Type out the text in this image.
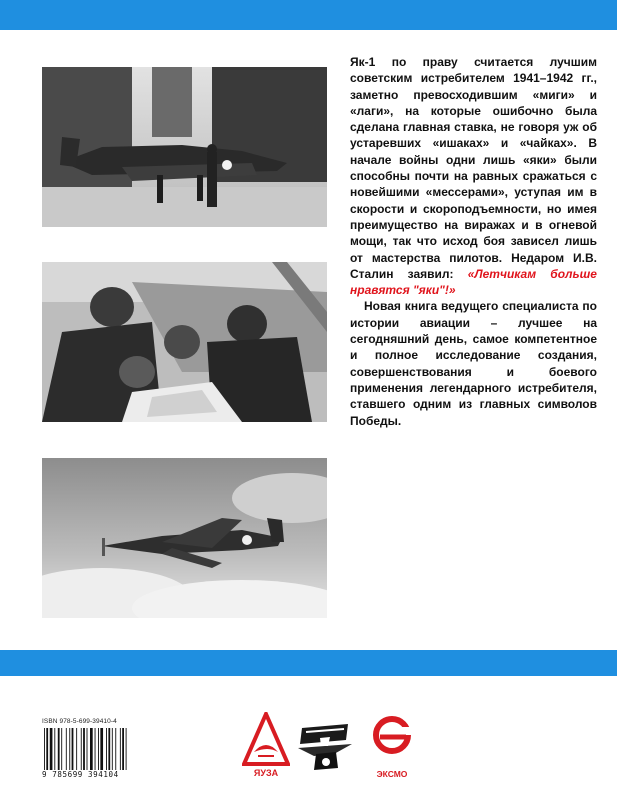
Як-1 по праву считается лучшим советским истребителем 1941–1942 гг., заметно превосходившим «миги» и «лаги», на которые ошибочно была сделана главная ставка, не говоря уж об устаревших «ишаках» и «чайках». В начале войны одни лишь «яки» были способны почти на равных сражаться с новейшими «мессерами», уступая им в скорости и скороподъемности, но имея преимущество на виражах и в огневой мощи, так что исход боя зависел лишь от мастерства пилотов. Недаром И.В. Сталин заявил: «Летчикам больше нравятся "яки"!»

Новая книга ведущего специалиста по истории авиации – лучшее на сегодняшний день, самое компетентное и полное исследование создания, совершенствования и боевого применения легендарного истребителя, ставшего одним из главных символов Победы.

ISBN 978-5-699-39410-4
9 785699 394104	ЯУЗА	ЭКСМО
